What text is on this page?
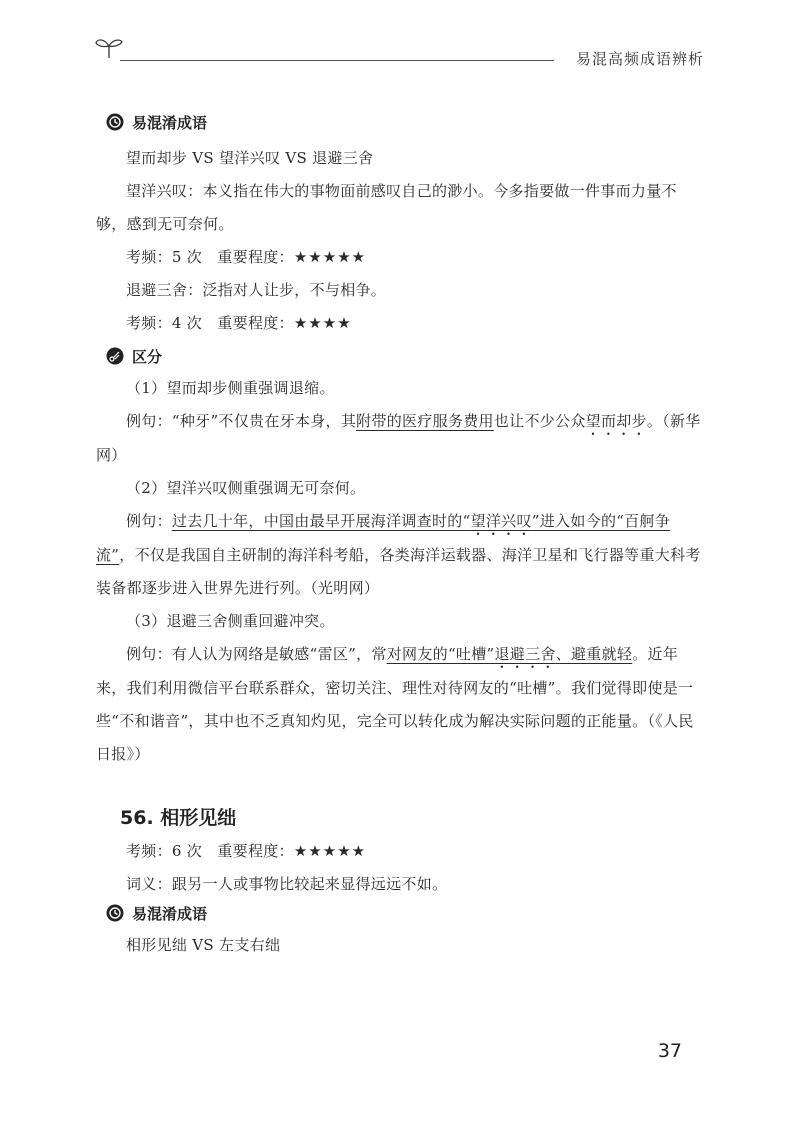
易混高频成语辨析
易混淆成语

望而却步 VS 望洋兴叹 VS 退避三舍

望洋兴叹：本义指在伟大的事物面前感叹自己的渺小。今多指要做一件事而力量不够，感到无可奈何。

考频：5 次 重要程度：★★★★★

退避三舍：泛指对人让步，不与相争。

考频：4 次 重要程度：★★★★

区分

（1）望而却步侧重强调退缩。

例句：“种牙”不仅贵在牙本身，其附带的医疗服务费用也让不少公众望而却步。（新华网）

（2）望洋兴叹侧重强调无可奈何。

例句：过去几十年，中国由最早开展海洋调查时的“望洋兴叹”进入如今的“百舸争流”，不仅是我国自主研制的海洋科考船，各类海洋运载器、海洋卫星和飞行器等重大科考装备都逐步进入世界先进行列。（光明网）

（3）退避三舍侧重回避冲突。

例句：有人认为网络是敏感“雷区”，常对网友的“吐槽”退避三舍、避重就轻。近年来，我们利用微信平台联系群众，密切关注、理性对待网友的“吐槽”。我们觉得即使是一些“不和谐音”，其中也不乏真知灼见，完全可以转化成为解决实际问题的正能量。（《人民日报》）

56. 相形见绌

考频：6 次 重要程度：★★★★★

词义：跟另一人或事物比较起来显得远远不如。

易混淆成语

相形见绌 VS 左支右绌

37
